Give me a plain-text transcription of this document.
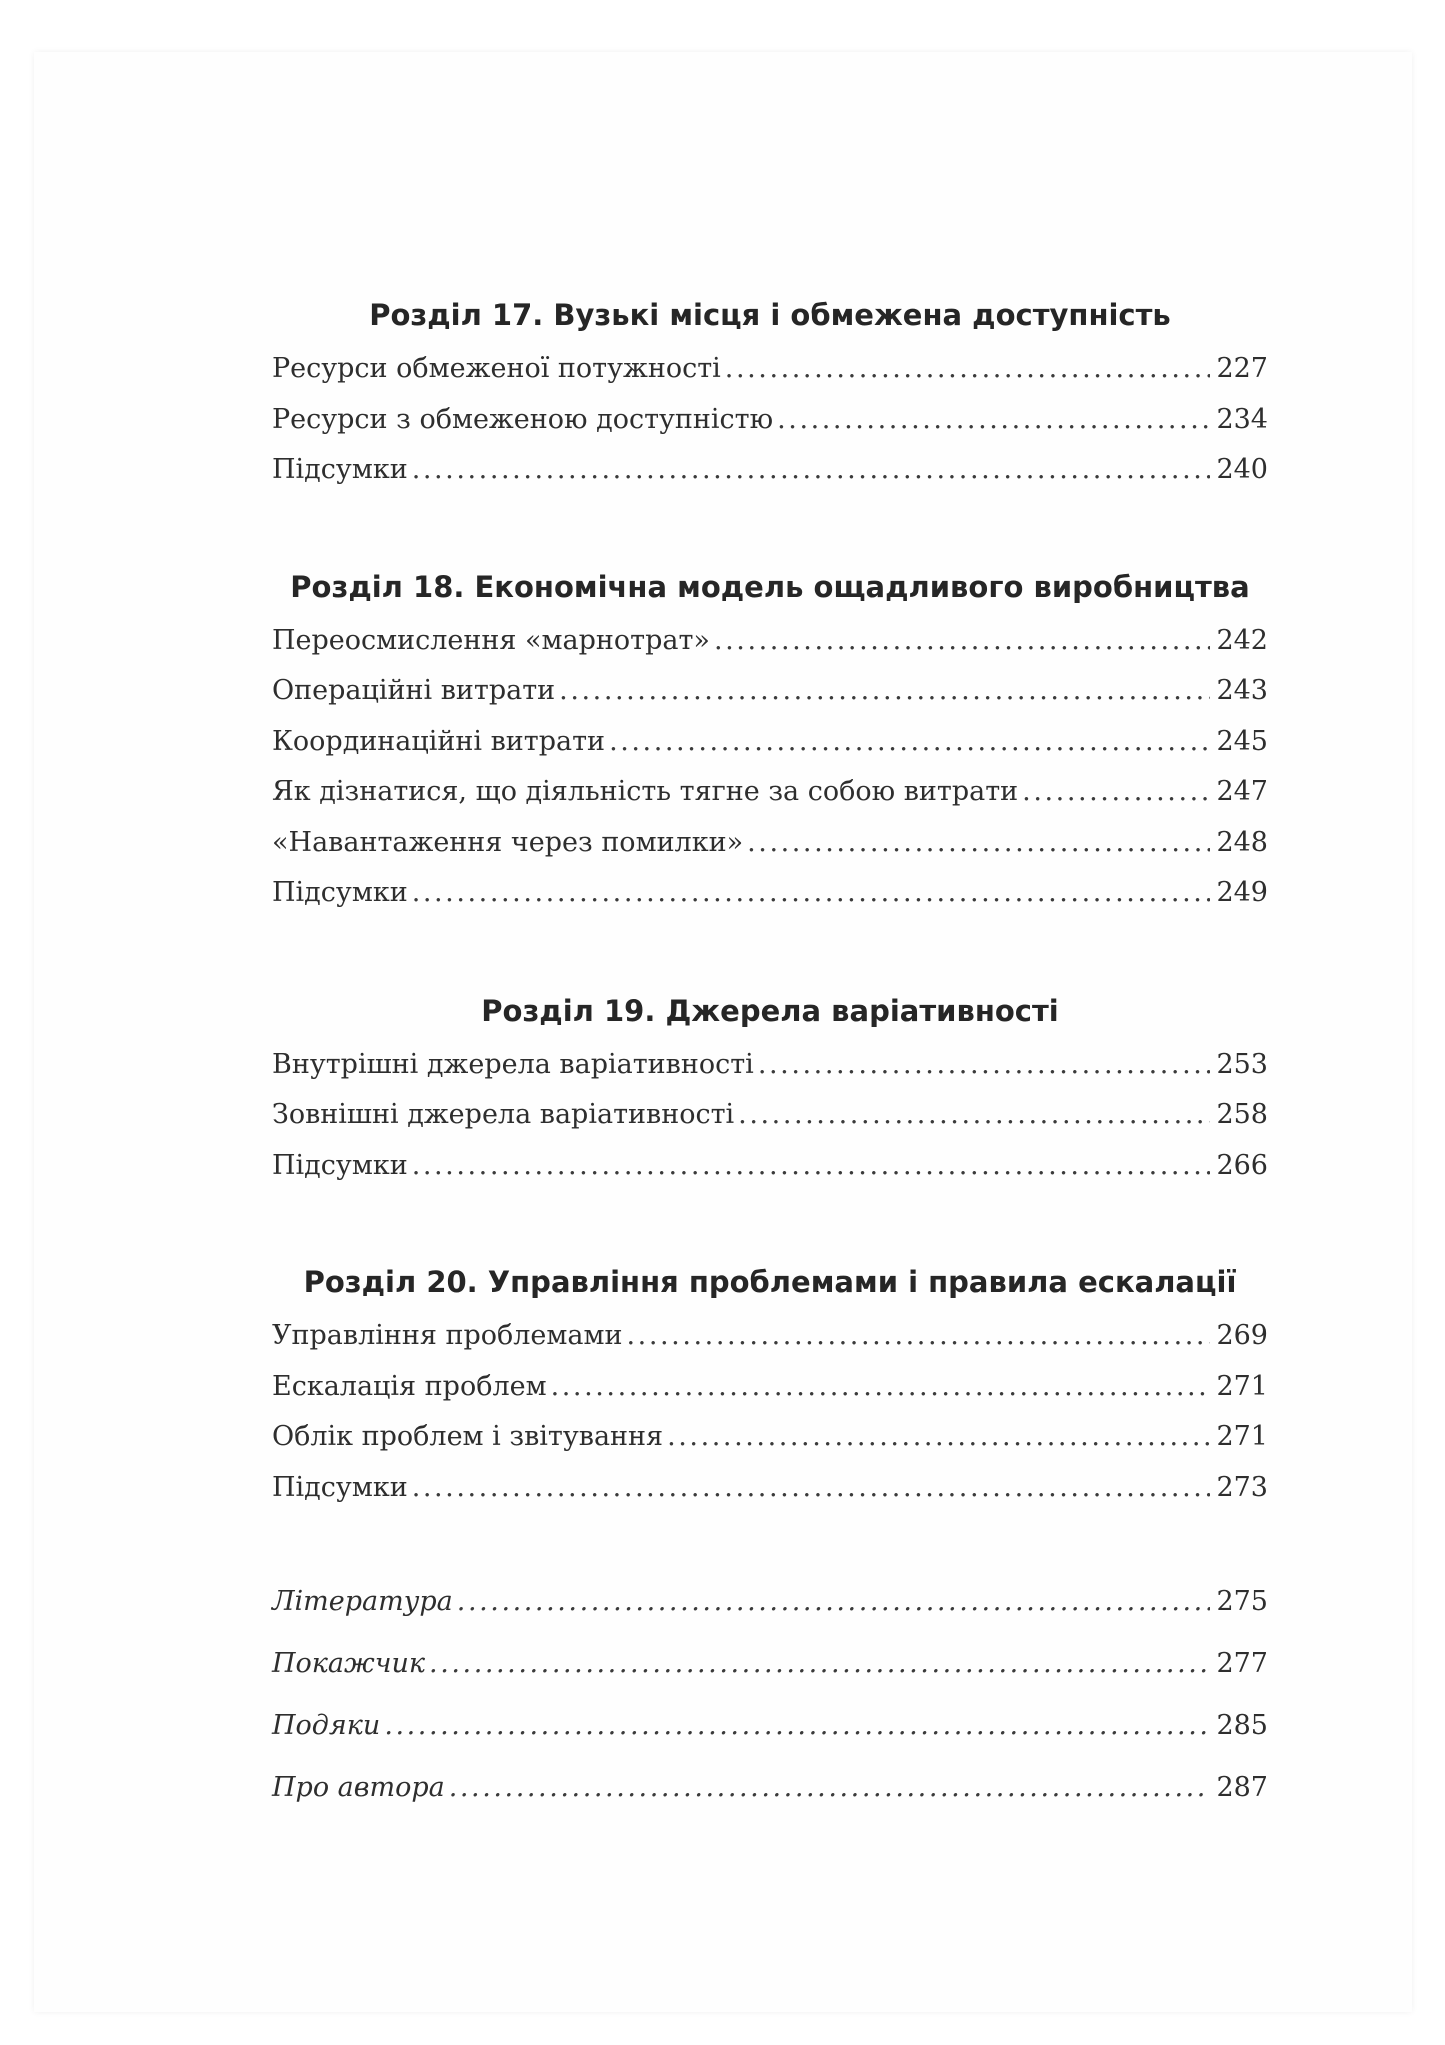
Розділ 17. Вузькі місця і обмежена доступність
Ресурси обмеженої потужності . . .	227
Ресурси з обмеженою доступністю . . .	234
Підсумки . . .	240
Розділ 18. Економічна модель ощадливого виробництва
Переосмислення «марнотрат» . . .	242
Операційні витрати . . .	243
Координаційні витрати . . .	245
Як дізнатися, що діяльність тягне за собою витрати . . .	247
«Навантаження через помилки» . . .	248
Підсумки . . .	249
Розділ 19. Джерела варіативності
Внутрішні джерела варіативності . . .	253
Зовнішні джерела варіативності . . .	258
Підсумки . . .	266
Розділ 20. Управління проблемами і правила ескалації
Управління проблемами . . .	269
Ескалація проблем . . .	271
Облік проблем і звітування . . .	271
Підсумки . . .	273
Література . . .	275
Покажчик . . .	277
Подяки . . .	285
Про автора . . .	287
